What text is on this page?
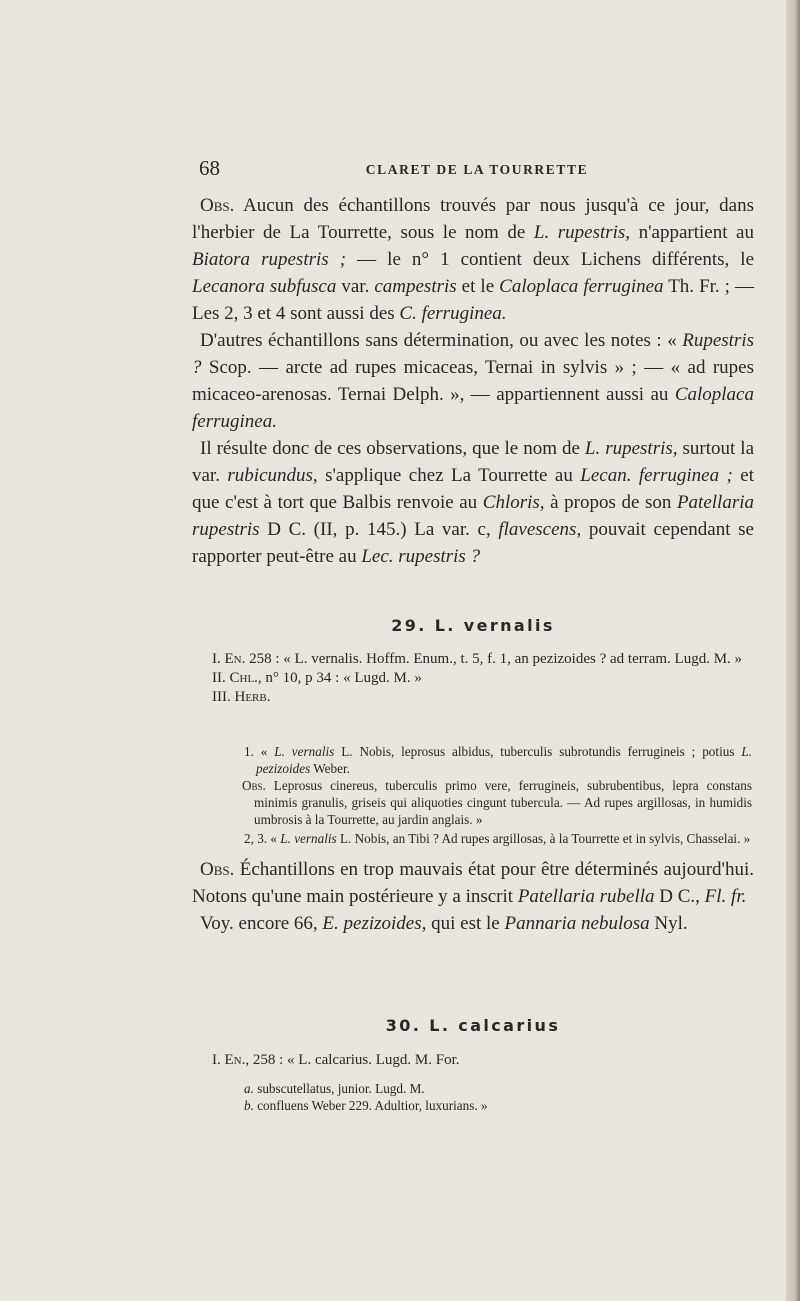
68	CLARET DE LA TOURRETTE

Obs. Aucun des échantillons trouvés par nous jusqu'à ce jour, dans l'herbier de La Tourrette, sous le nom de L. rupestris, n'appartient au Biatora rupestris ; — le n° 1 contient deux Lichens différents, le Lecanora subfusca var. campestris et le Caloplaca ferruginea Th. Fr. ; — Les 2, 3 et 4 sont aussi des C. ferruginea.

D'autres échantillons sans détermination, ou avec les notes : « Rupestris ? Scop. — arcte ad rupes micaceas, Ternai in sylvis » ; — « ad rupes micaceo-arenosas. Ternai Delph. », — appartiennent aussi au Caloplaca ferruginea.

Il résulte donc de ces observations, que le nom de L. rupestris, surtout la var. rubicundus, s'applique chez La Tourrette au Lecan. ferruginea ; et que c'est à tort que Balbis renvoie au Chloris, à propos de son Patellaria rupestris D C. (II, p. 145.) La var. c, flavescens, pouvait cependant se rapporter peut-être au Lec. rupestris ?

29. L. vernalis

I. En. 258 : « L. vernalis. Hoffm. Enum., t. 5, f. 1, an pezizoides ? ad terram. Lugd. M. »

II. Chl., n° 10, p 34 : « Lugd. M. »

III. Herb.

1. « L. vernalis L. Nobis, leprosus albidus, tuberculis subrotundis ferrugineis ; potius L. pezizoides Weber.

Obs. Leprosus cinereus, tuberculis primo vere, ferrugineis, subrubentibus, lepra constans minimis granulis, griseis qui aliquoties cingunt tubercula. — Ad rupes argillosas, in humidis umbrosis à la Tourrette, au jardin anglais. »

2, 3. « L. vernalis L. Nobis, an Tibi ? Ad rupes argillosas, à la Tourrette et in sylvis, Chasselai. »

Obs. Échantillons en trop mauvais état pour être déterminés aujourd'hui. Notons qu'une main postérieure y a inscrit Patellaria rubella D C., Fl. fr.

Voy. encore 66, E. pezizoides, qui est le Pannaria nebulosa Nyl.

30. L. calcarius

I. En., 258 : « L. calcarius. Lugd. M. For.

a. subscutellatus, junior. Lugd. M.

b. confluens Weber 229. Adultior, luxurians. »
